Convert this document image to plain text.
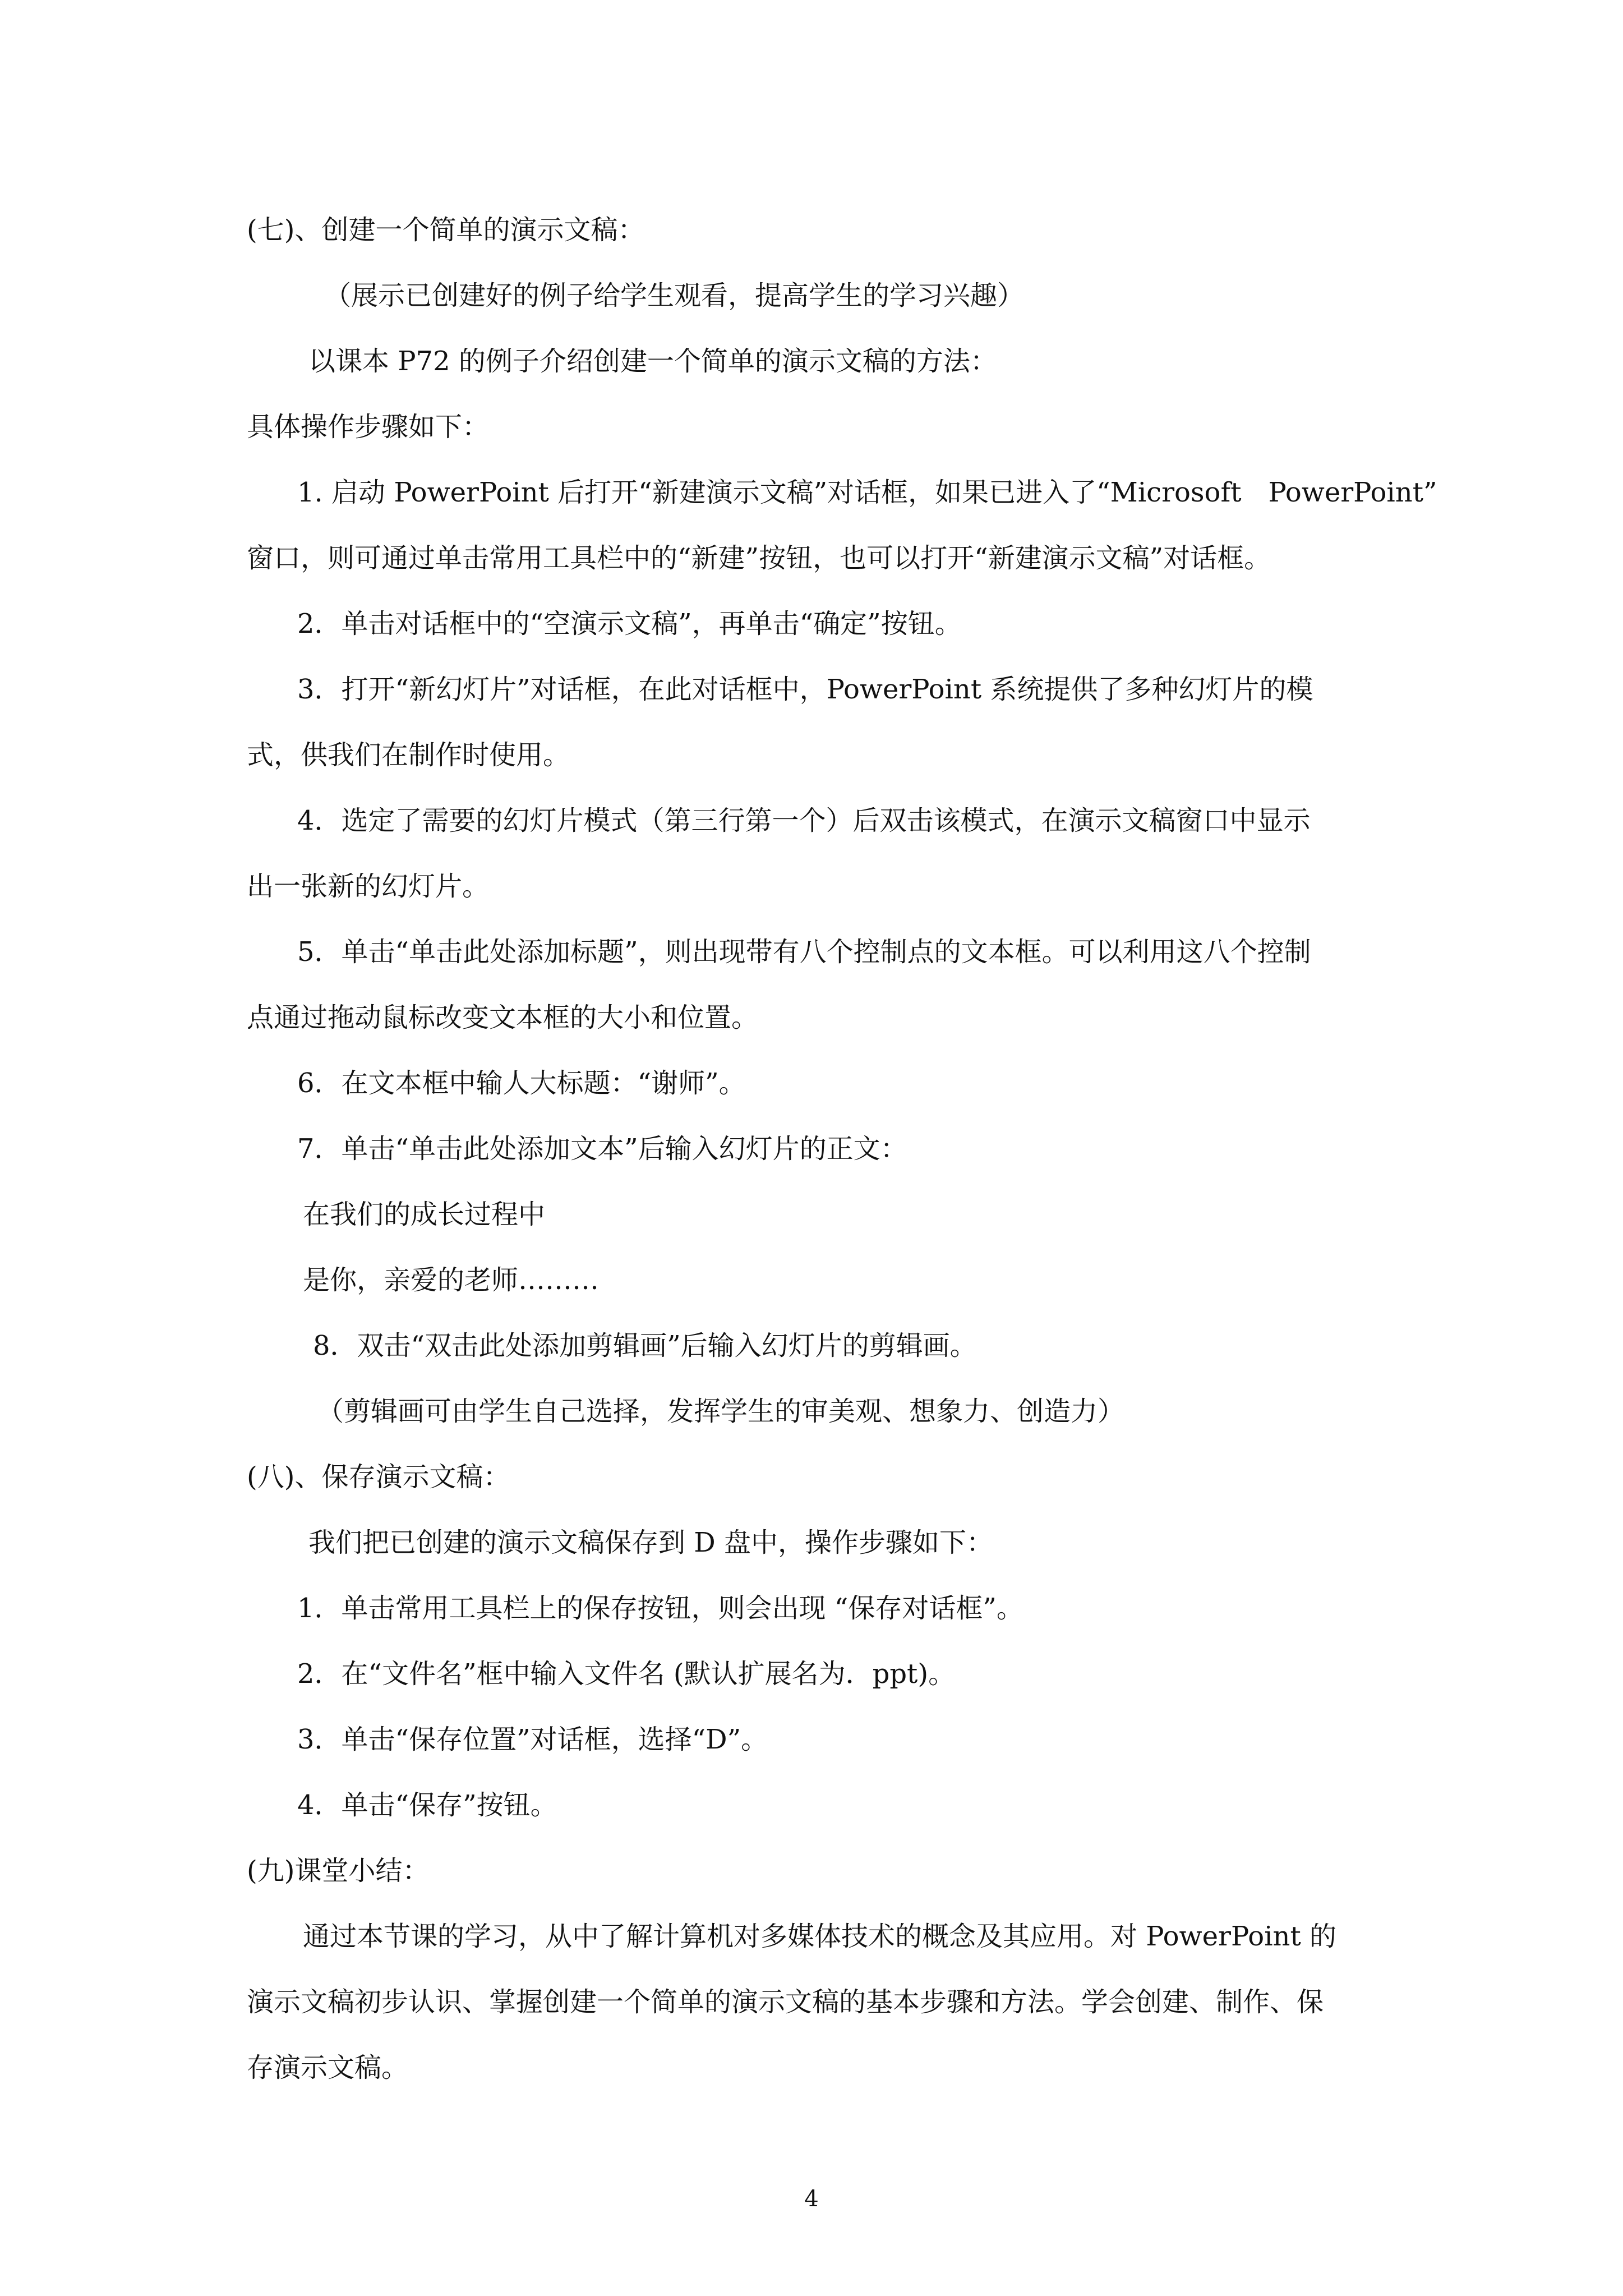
(七)、创建一个简单的演示文稿：
（展示已创建好的例子给学生观看，提高学生的学习兴趣）
以课本 P72 的例子介绍创建一个简单的演示文稿的方法：
具体操作步骤如下：
1. 启动 PowerPoint 后打开“新建演示文稿”对话框，如果已进入了“Microsoft　PowerPoint”
窗口，则可通过单击常用工具栏中的“新建”按钮，也可以打开“新建演示文稿”对话框。
2．单击对话框中的“空演示文稿”，再单击“确定”按钮。
3．打开“新幻灯片”对话框，在此对话框中，PowerPoint 系统提供了多种幻灯片的模
式，供我们在制作时使用。
4．选定了需要的幻灯片模式（第三行第一个）后双击该模式，在演示文稿窗口中显示
出一张新的幻灯片。
5．单击“单击此处添加标题”，则出现带有八个控制点的文本框。可以利用这八个控制
点通过拖动鼠标改变文本框的大小和位置。
6．在文本框中输人大标题：“谢师”。
7．单击“单击此处添加文本”后输入幻灯片的正文：
在我们的成长过程中
是你，亲爱的老师………
8．双击“双击此处添加剪辑画”后输入幻灯片的剪辑画。
（剪辑画可由学生自己选择，发挥学生的审美观、想象力、创造力）
(八)、保存演示文稿：
我们把已创建的演示文稿保存到 D 盘中，操作步骤如下：
1．单击常用工具栏上的保存按钮，则会出现 “保存对话框”。
2．在“文件名”框中输入文件名 (默认扩展名为．ppt)。
3．单击“保存位置”对话框，选择“D”。
4．单击“保存”按钮。
(九)课堂小结：
通过本节课的学习，从中了解计算机对多媒体技术的概念及其应用。对 PowerPoint 的
演示文稿初步认识、掌握创建一个简单的演示文稿的基本步骤和方法。学会创建、制作、保
存演示文稿。
4
